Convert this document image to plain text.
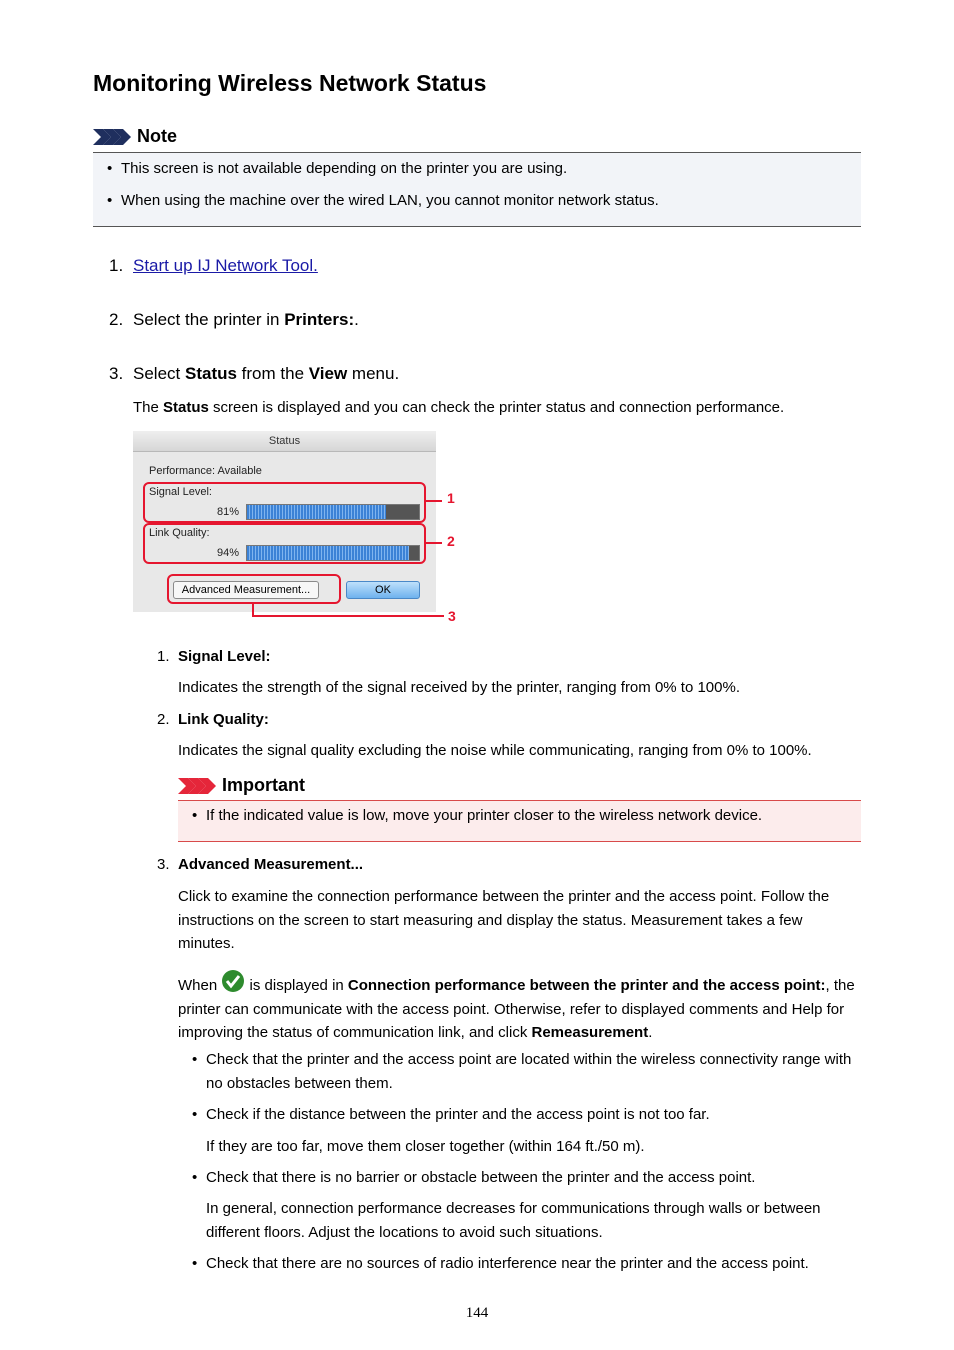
Monitoring Wireless Network Status
Note
• This screen is not available depending on the printer you are using.
• When using the machine over the wired LAN, you cannot monitor network status.
1. Start up IJ Network Tool.
2. Select the printer in Printers:.
3. Select Status from the View menu.
The Status screen is displayed and you can check the printer status and connection performance.
Status
Performance: Available
Signal Level:
81%
Link Quality:
94%
Advanced Measurement...	OK
1
2
3
1. Signal Level:
Indicates the strength of the signal received by the printer, ranging from 0% to 100%.
2. Link Quality:
Indicates the signal quality excluding the noise while communicating, ranging from 0% to 100%.
Important
• If the indicated value is low, move your printer closer to the wireless network device.
3. Advanced Measurement...
Click to examine the connection performance between the printer and the access point. Follow the instructions on the screen to start measuring and display the status. Measurement takes a few minutes.
When  is displayed in Connection performance between the printer and the access point:, the printer can communicate with the access point. Otherwise, refer to displayed comments and Help for improving the status of communication link, and click Remeasurement.
• Check that the printer and the access point are located within the wireless connectivity range with no obstacles between them.
• Check if the distance between the printer and the access point is not too far.
If they are too far, move them closer together (within 164 ft./50 m).
• Check that there is no barrier or obstacle between the printer and the access point.
In general, connection performance decreases for communications through walls or between different floors. Adjust the locations to avoid such situations.
• Check that there are no sources of radio interference near the printer and the access point.
144
